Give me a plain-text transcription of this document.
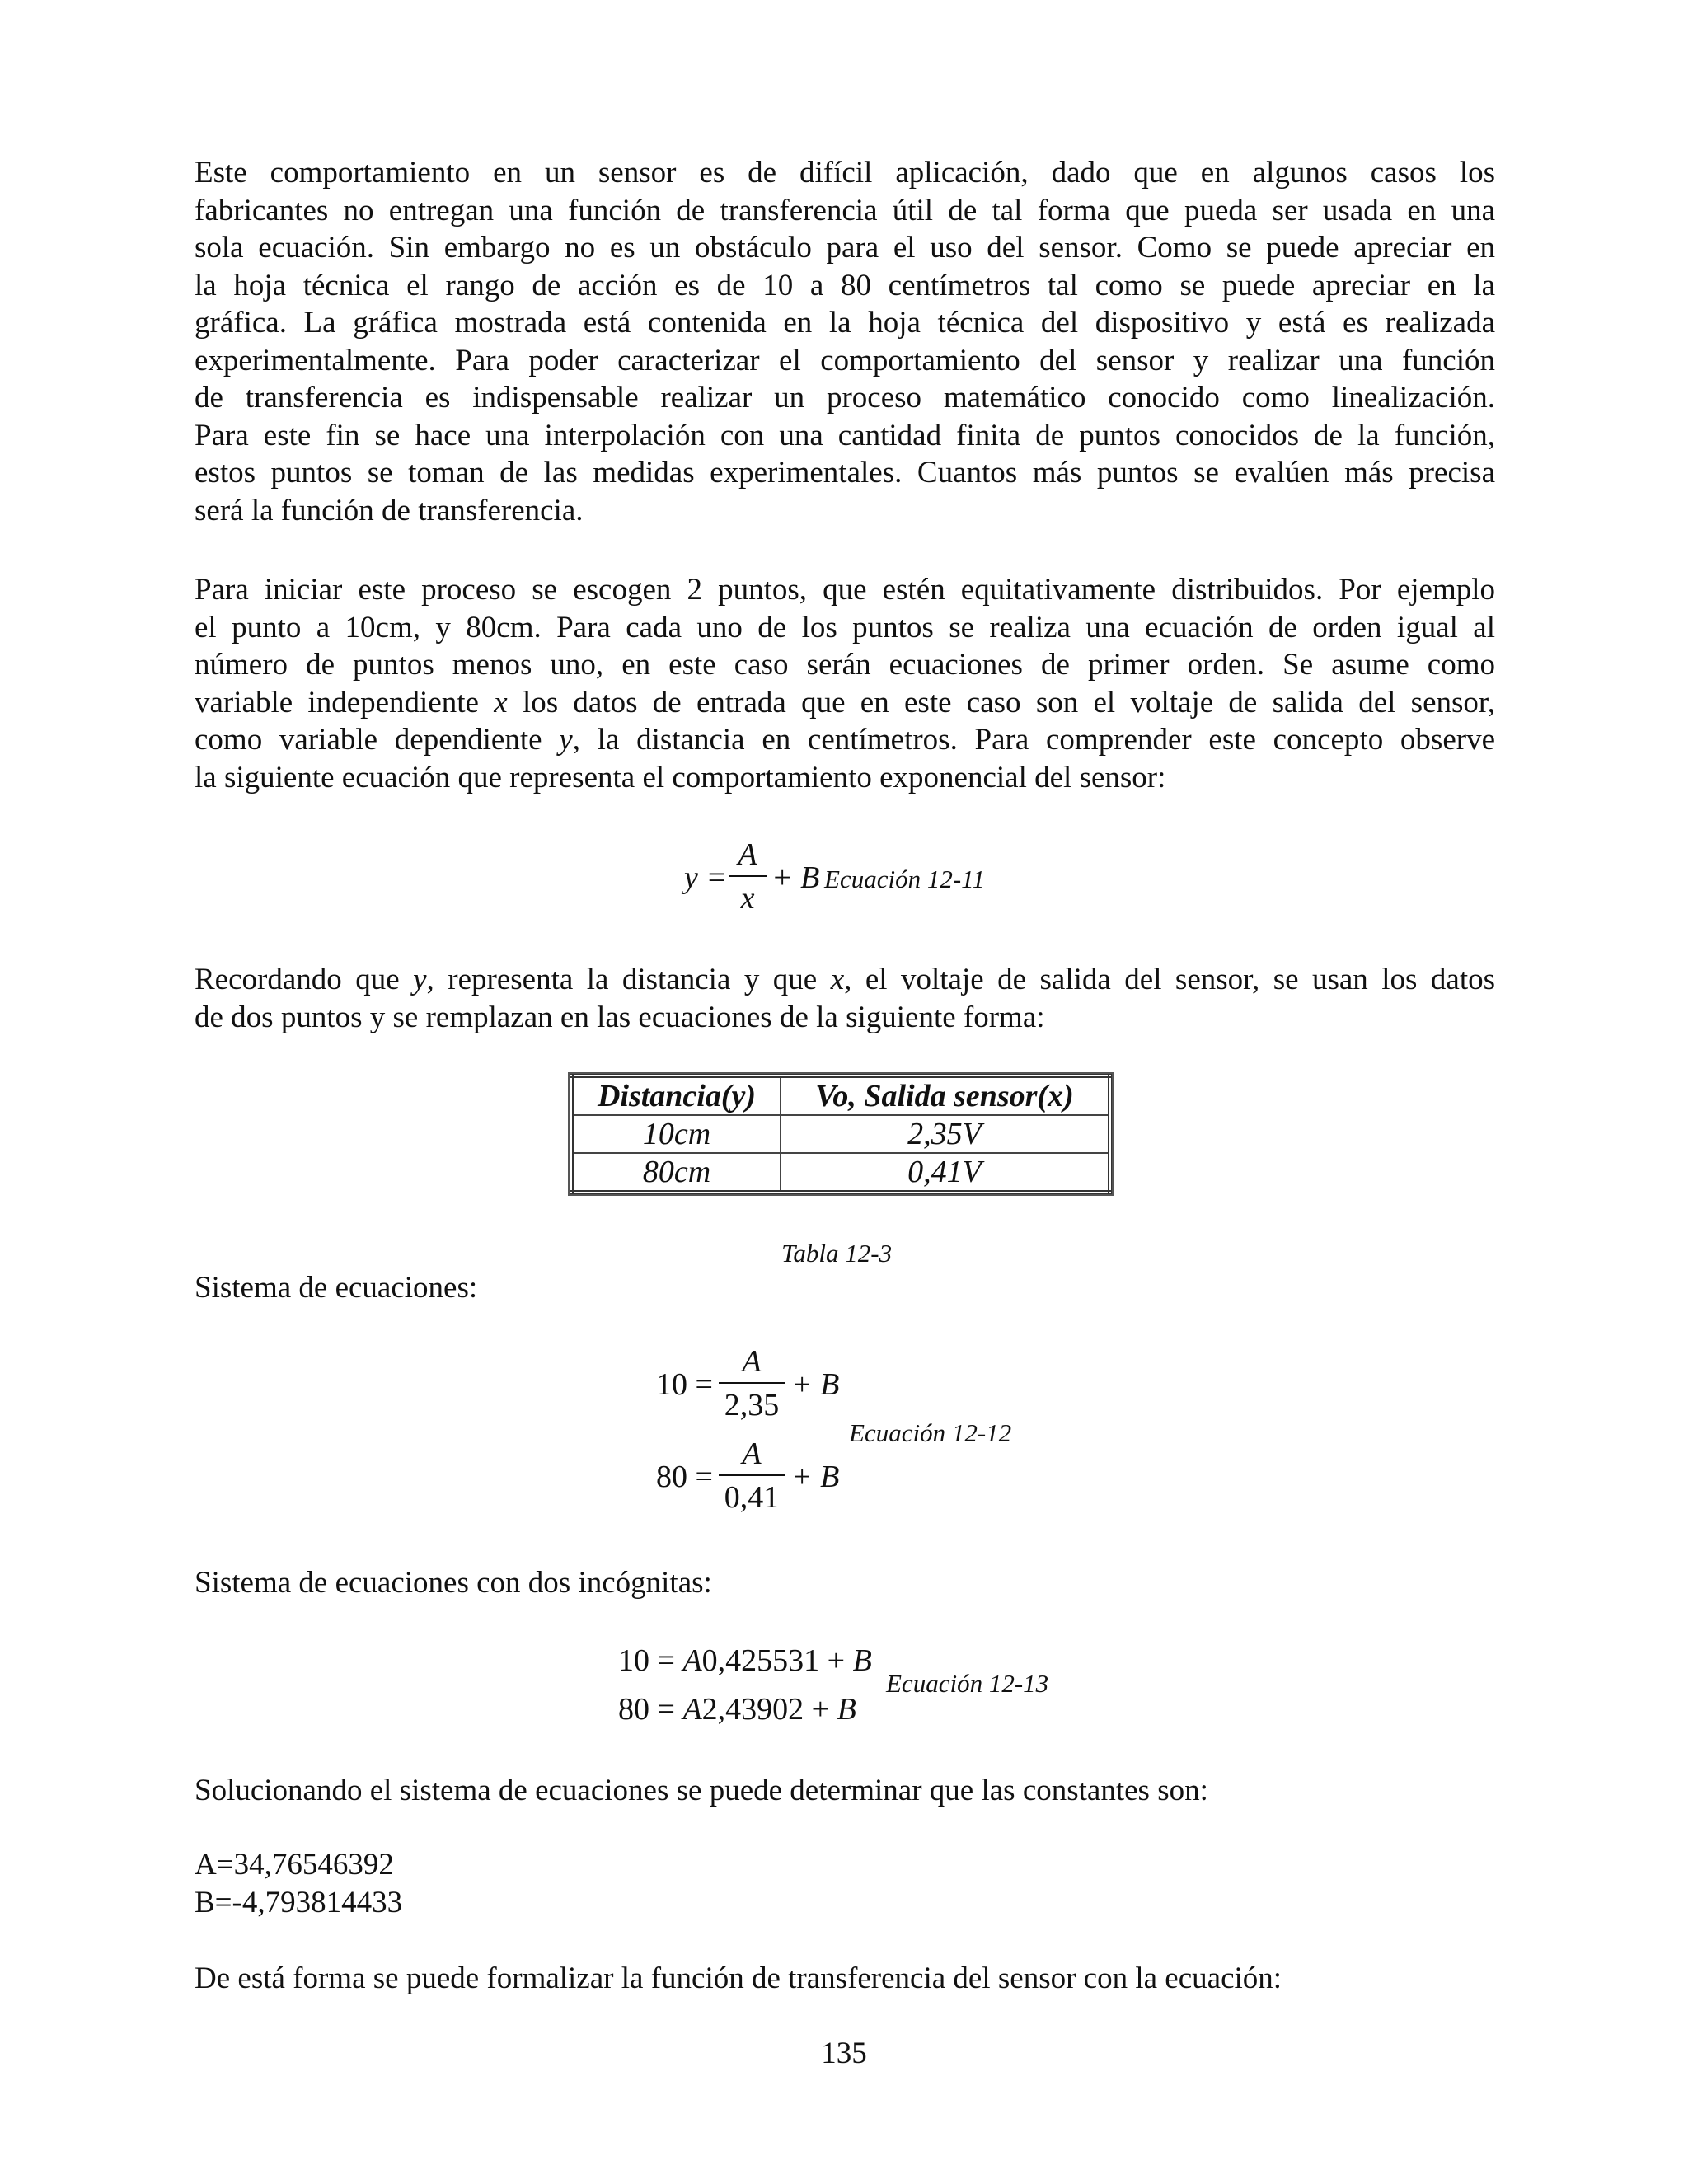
Este comportamiento en un sensor es de difícil aplicación, dado que en algunos casos los
fabricantes no entregan una función de transferencia útil de tal forma que pueda ser usada en una
sola ecuación. Sin embargo no es un obstáculo para el uso del sensor. Como se puede apreciar en
la hoja técnica el rango de acción es de 10 a 80 centímetros tal como se puede apreciar en la
gráfica. La gráfica mostrada está contenida en la hoja técnica del dispositivo y está es realizada
experimentalmente. Para poder caracterizar el comportamiento del sensor y realizar una función
de transferencia es indispensable realizar un proceso matemático conocido como linealización.
Para este fin se hace una interpolación con una cantidad finita de puntos conocidos de la función,
estos puntos se toman de las medidas experimentales. Cuantos más puntos se evalúen más precisa
será la función de transferencia.
Para iniciar este proceso se escogen 2 puntos, que estén equitativamente distribuidos. Por ejemplo
el punto a 10cm, y 80cm. Para cada uno de los puntos se realiza una ecuación de orden igual al
número de puntos menos uno, en este caso serán ecuaciones de primer orden. Se asume como
variable independiente x los datos de entrada que en este caso son el voltaje de salida del sensor,
como variable dependiente y, la distancia en centímetros. Para comprender este concepto observe
la siguiente ecuación que representa el comportamiento exponencial del sensor:
y =
A
x
+ B Ecuación 12-11
Recordando que y, representa la distancia y que x, el voltaje de salida del sensor, se usan los datos
de dos puntos y se remplazan en las ecuaciones de la siguiente forma:
Distancia(y)	Vo, Salida sensor(x)
10cm	2,35V
80cm	0,41V
Tabla 12-3
Sistema de ecuaciones:
10 =
A
2,35
+ B
80 =
A
0,41
+ B
Ecuación 12-12
Sistema de ecuaciones con dos incógnitas:
10 = A0,425531 + B
80 = A2,43902 + B
Ecuación 12-13
Solucionando el sistema de ecuaciones se puede determinar que las constantes son:
A=34,76546392
B=-4,793814433
De está forma se puede formalizar la función de transferencia del sensor con la ecuación:
135
